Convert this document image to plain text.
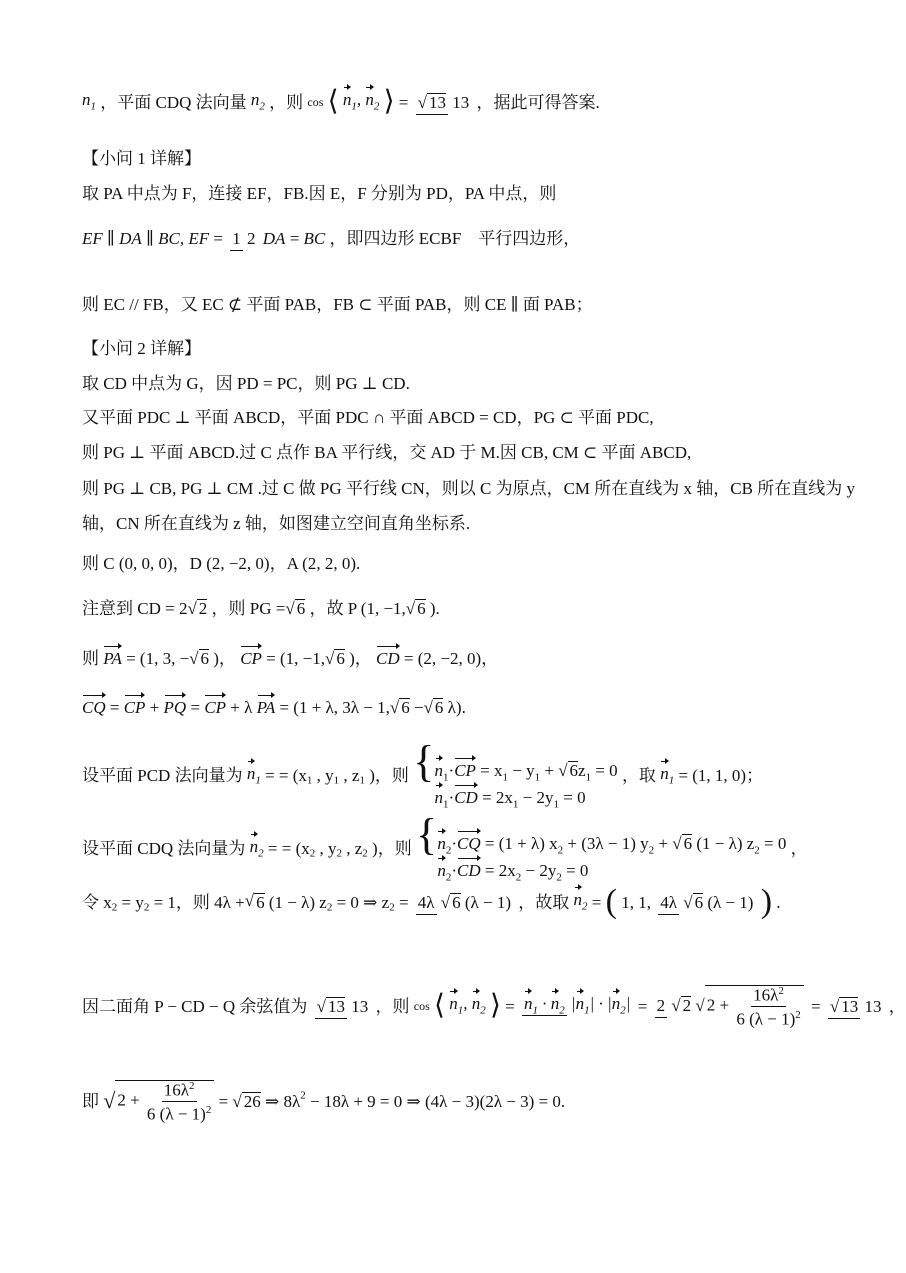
$n_1$ ，平面 CDQ 法向量 $n_2$ ，则 cos ⟨ $n_1$, $n_2$ ⟩ = √ 13 13 ，据此可得答案.
【小问 1 详解】
取 PA 中点为 F，连接 EF，FB.因 E，F 分别为 PD，PA 中点，则
EF ∥ DA ∥ BC, EF = 1 2 DA = BC ，即四边形 ECBF　平行四边形，
则 EC // FB，又 EC ⊄ 平面 PAB，FB ⊂ 平面 PAB，则 CE ∥ 面 PAB；
【小问 2 详解】
取 CD 中点为 G，因 PD = PC，则 PG ⊥ CD.
又平面 PDC ⊥ 平面 ABCD，平面 PDC ∩ 平面 ABCD = CD，PG ⊂ 平面 PDC,
则 PG ⊥ 平面 ABCD.过 C 点作 BA 平行线，交 AD 于 M.因 CB, CM ⊂ 平面 ABCD,
则 PG ⊥ CB, PG ⊥ CM .过 C 做 PG 平行线 CN，则以 C 为原点，CM 所在直线为 x 轴，CB 所在直线为 y
轴，CN 所在直线为 z 轴，如图建立空间直角坐标系.
则 C (0, 0, 0)，D (2, −2, 0)，A (2, 2, 0).
注意到 CD = 2√ 2 ，则 PG =√ 6 ，故 P (1, −1,√ 6 ).
则 PA = (1, 3, −√ 6 )， CP = (1, −1,√ 6 )， CD = (2, −2, 0)，
CQ = CP + PQ = CP + λ PA = (1 + λ, 3λ − 1,√ 6 −√ 6 λ).
设平面 PCD 法向量为 $n_1$ = = ($x_1$ , $y_1$ , $z_1$ )，则 { $n_1\cdot CP = x_1 - y_1$ + √ $6z_1 = 0$
$n_1\cdot CD = 2x_1 - 2y_1 = 0$
，取 $n_1 = (1$, 1, 0)；
设平面 CDQ 法向量为 $n_2$ = = ($x_2$ , $y_2$ , $z_2$ )，则 { $n_2\cdot CQ = (1 + \lambda) x_2 + (3\lambda - 1) y_2$ + √ 6 (1 − λ) $z_2 = 0$
$n_2\cdot CD = 2x_2 - 2y_2 = 0$
，
令 $x_2 = y_2 = 1$，则 4λ +√ 6 (1 − λ) $z_2 = 0$ ⇒ $z_2 = 4\lambda$ √ 6 (λ − 1) ，故取 $n_2$ = ( 1, 1, 4λ √ 6 (λ − 1) ) .
因二面角 P − CD − Q 余弦值为 √ 13 13 ，则 cos ⟨ $n_1$, $n_2$ ⟩ = $n_1 \cdot n_2$ $|n_1| \cdot |n_2| = 2$ √ 2 √ $2 + \frac{16\lambda^2}{6 (\lambda - 1)^2}$ = √ 13 13 ，
即 √ $2 + \frac{16\lambda^2}{6 (\lambda - 1)^2}$ = √ 26 ⇒ $8\lambda^2 - 18\lambda + 9 = 0$ ⇒ (4λ − 3)(2λ − 3) = 0.
